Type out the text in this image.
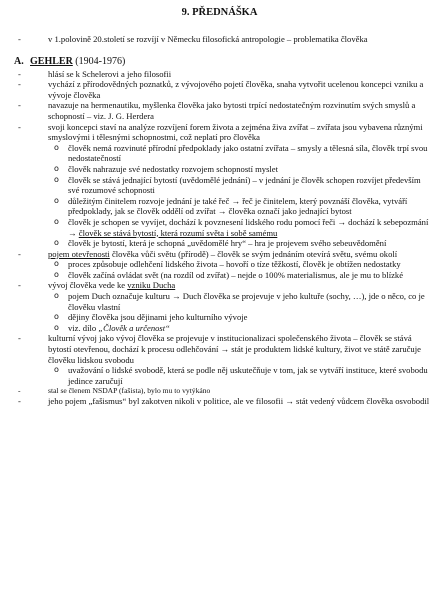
9. PŘEDNÁŠKA
- v 1.polovině 20.století se rozvíjí v Německu filosofická antropologie – problematika člověka
A. GEHLER (1904-1976)
- hlásí se k Schelerovi a jeho filosofii
- vychází z přírodovědných poznatků, z vývojového pojetí člověka, snaha vytvořit ucelenou koncepci vzniku a vývoje člověka
- navazuje na hermenautiku, myšlenka člověka jako bytosti trpící nedostatečným rozvinutím svých smyslů a schopností – viz. J. G. Herdera
- svoji koncepci staví na analýze rozvíjení forem života a zejména živa zvířat – zvířata jsou vybavena různými smyslovými i tělesnými schopnostmi, což neplatí pro člověka
o člověk nemá rozvinuté přírodní předpoklady jako ostatní zvířata – smysly a tělesná síla, člověk trpí svou nedostatečností
o člověk nahrazuje své nedostatky rozvojem schopností myslet
o člověk se stává jednající bytostí (uvědomělé jednání) – v jednání je člověk schopen rozvíjet především své rozumové schopnosti
o důležitým činitelem rozvoje jednání je také řeč → řeč je činitelem, který povznáší člověka, vytváří předpoklady, jak se člověk oddělí od zvířat → člověka označí jako jednající bytost
o člověk je schopen se vyvíjet, dochází k povznesení lidského rodu pomocí řeči → dochází k sebepozmání → člověk se stává bytostí, která rozumí světa i sobě samému
o člověk je bytostí, která je schopná „uvědomělé hry“ – hra je projevem svého sebeuvědomění
- pojem otevřenosti člověka vůči světu (přírodě) – člověk se svým jednáním otevírá světu, svému okolí
o proces způsobuje odlehčení lidského života – hovoří o tíze těžkostí, člověk je obtížen nedostatky
o člověk začíná ovládat svět (na rozdíl od zvířat) – nejde o 100% materialismus, ale je mu to blízké
- vývoj člověka vede ke vzniku Ducha
o pojem Duch označuje kulturu → Duch člověka se projevuje v jeho kultuře (sochy, …), jde o něco, co je člověku vlastní
o dějiny člověka jsou dějinami jeho kulturního vývoje
o viz. dílo „Člověk a určenost“
- kulturní vývoj jako vývoj člověka se projevuje v institucionalizaci společenského života – člověk se stává bytostí otevřenou, dochází k procesu odlehčování → stát je produktem lidské kultury, život ve státě zaručuje člověku lidskou svobodu
o uvažování o lidské svobodě, která se podle něj uskutečňuje v tom, jak se vytváří instituce, které svobodu jedince zaručují
- stal se členem NSDAP (fašista), bylo mu to vytýkáno
- jeho pojem „fašismus“ byl zakotven nikoli v politice, ale ve filosofii → stát vedený vůdcem člověka osvobodil
